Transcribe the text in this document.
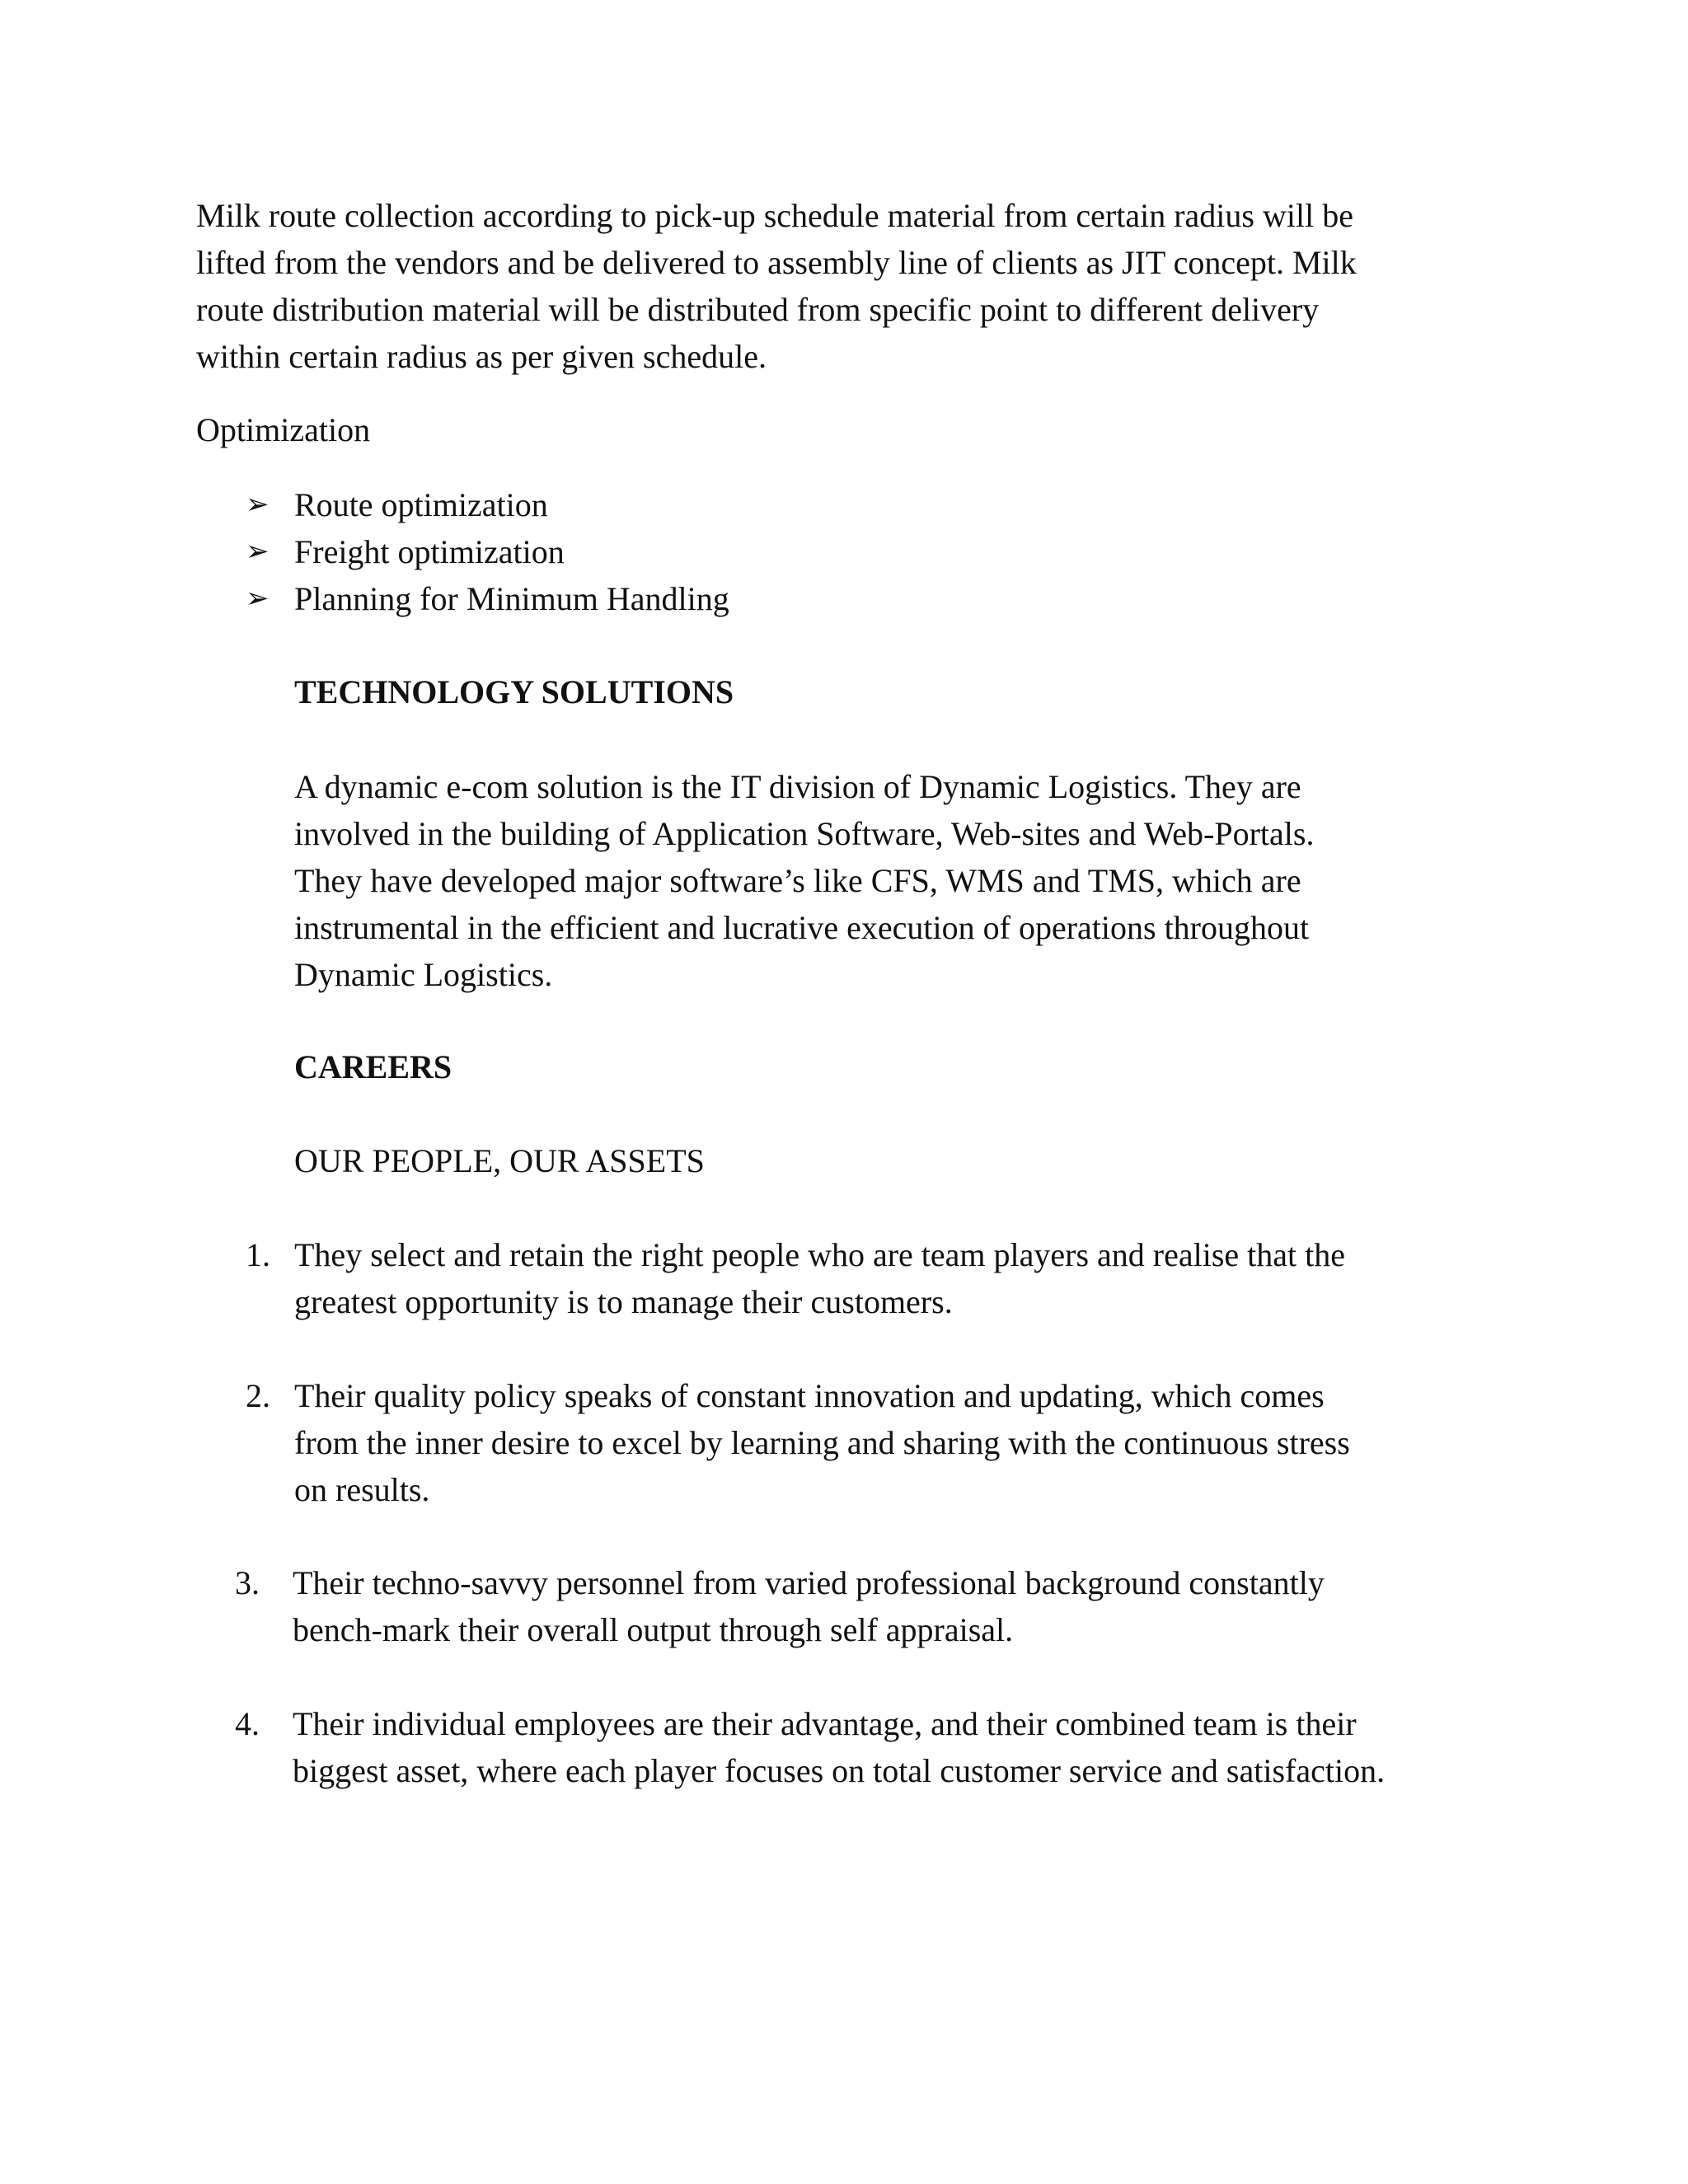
Milk route collection according to pick-up schedule material from certain radius will be
lifted from the vendors and be delivered to assembly line of clients as JIT concept. Milk
route distribution material will be distributed from specific point to different delivery
within certain radius as per given schedule.

Optimization

➢ Route optimization
➢ Freight optimization
➢ Planning for Minimum Handling
TECHNOLOGY SOLUTIONS

A dynamic e-com solution is the IT division of Dynamic Logistics. They are
involved in the building of Application Software, Web-sites and Web-Portals.
They have developed major software’s like CFS, WMS and TMS, which are
instrumental in the efficient and lucrative execution of operations throughout
Dynamic Logistics.

CAREERS

OUR PEOPLE, OUR ASSETS

1. They select and retain the right people who are team players and realise that the
greatest opportunity is to manage their customers.
2. Their quality policy speaks of constant innovation and updating, which comes
from the inner desire to excel by learning and sharing with the continuous stress
on results.
3.	Their techno-savvy personnel from varied professional background constantly
bench-mark their overall output through self appraisal.
4.	Their individual employees are their advantage, and their combined team is their
biggest asset, where each player focuses on total customer service and satisfaction.
